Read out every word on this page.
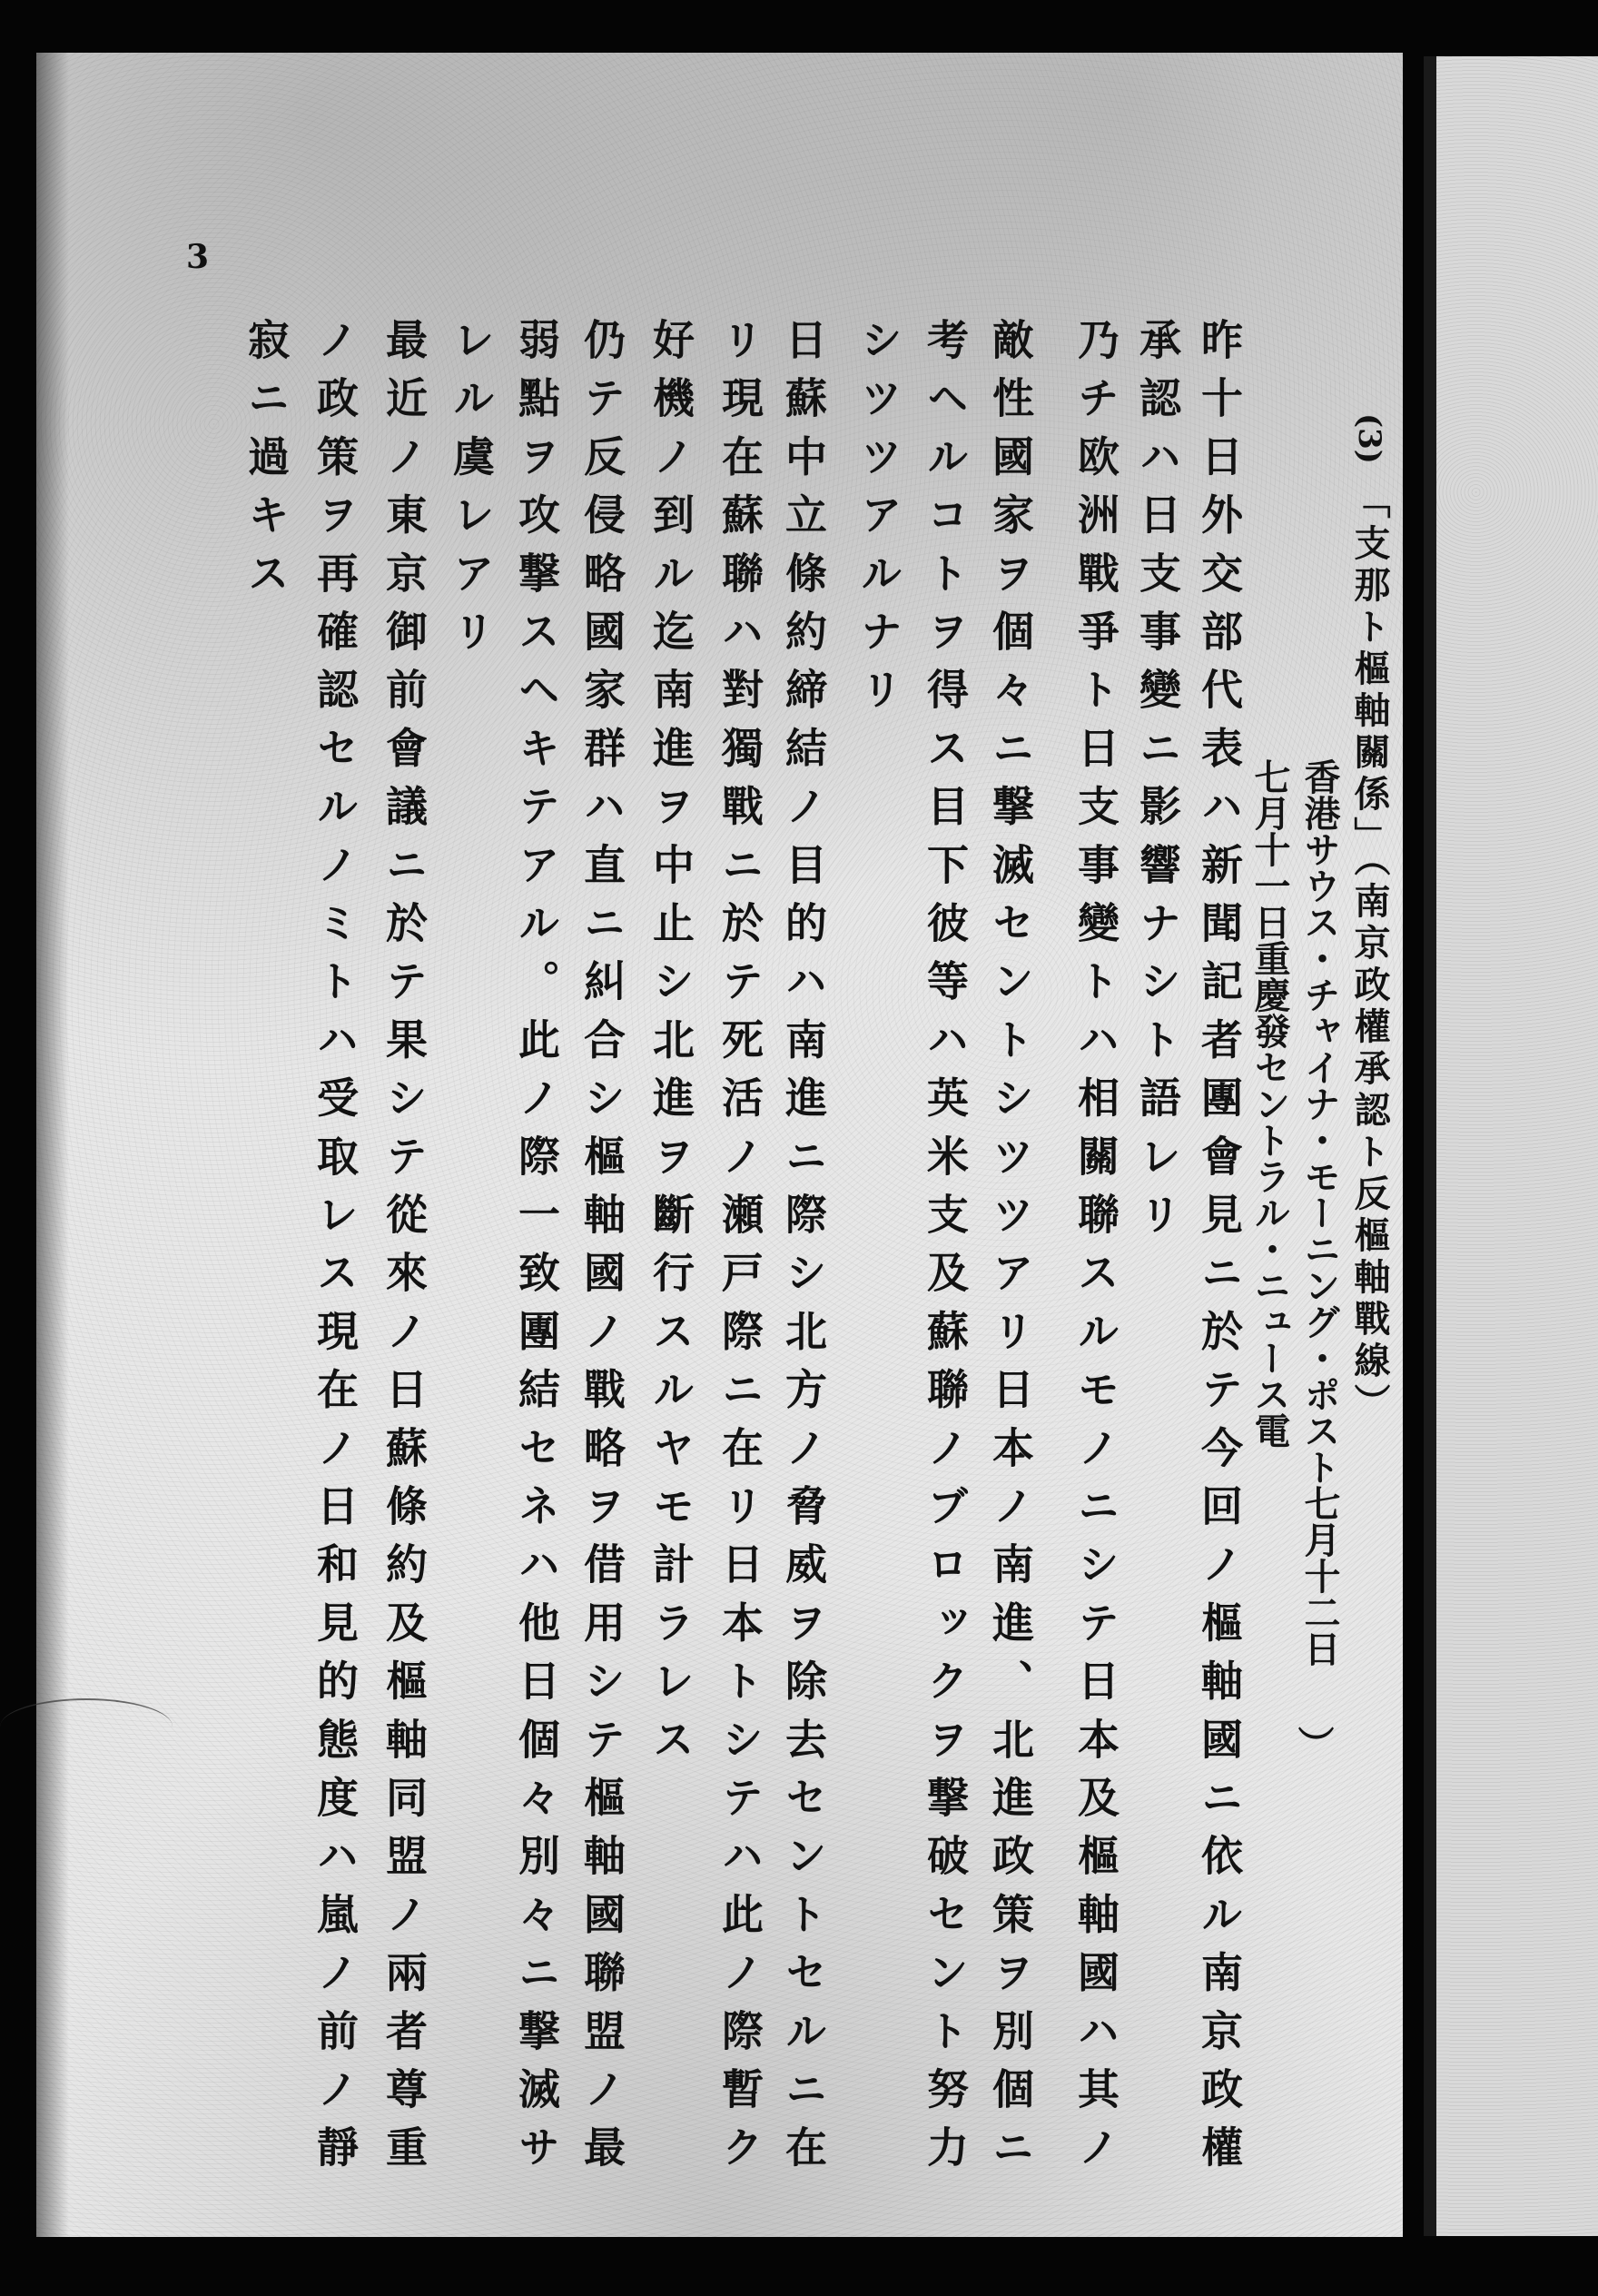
3
(3) 「支那ト樞軸關係」（南京政權承認ト反樞軸戰線）
香港サウス・チャイナ・モーニング・ポスト七月十二日
七月十一日重慶發セントラル・ニュース電
）
昨十日外交部代表ハ新聞記者團會見ニ於テ今回ノ樞軸國ニ依ル南京政權
承認ハ日支事變ニ影響ナシト語レリ
乃チ欧洲戰爭ト日支事變トハ相關聯スルモノニシテ日本及樞軸國ハ其ノ
敵性國家ヲ個々ニ撃滅セントシツツアリ日本ノ南進、北進政策ヲ別個ニ
考ヘルコトヲ得ス目下彼等ハ英米支及蘇聯ノブロックヲ撃破セント努力
シツツアルナリ
日蘇中立條約締結ノ目的ハ南進ニ際シ北方ノ脅威ヲ除去セントセルニ在
リ現在蘇聯ハ對獨戰ニ於テ死活ノ瀬戸際ニ在リ日本トシテハ此ノ際暫ク
好機ノ到ル迄南進ヲ中止シ北進ヲ斷行スルヤモ計ラレス
仍テ反侵略國家群ハ直ニ糾合シ樞軸國ノ戰略ヲ借用シテ樞軸國聯盟ノ最
弱點ヲ攻撃スヘキテアル。此ノ際一致團結セネハ他日個々別々ニ撃滅サ
レル虞レアリ
最近ノ東京御前會議ニ於テ果シテ從來ノ日蘇條約及樞軸同盟ノ兩者尊重
ノ政策ヲ再確認セルノミトハ受取レス現在ノ日和見的態度ハ嵐ノ前ノ靜
寂ニ過キス
